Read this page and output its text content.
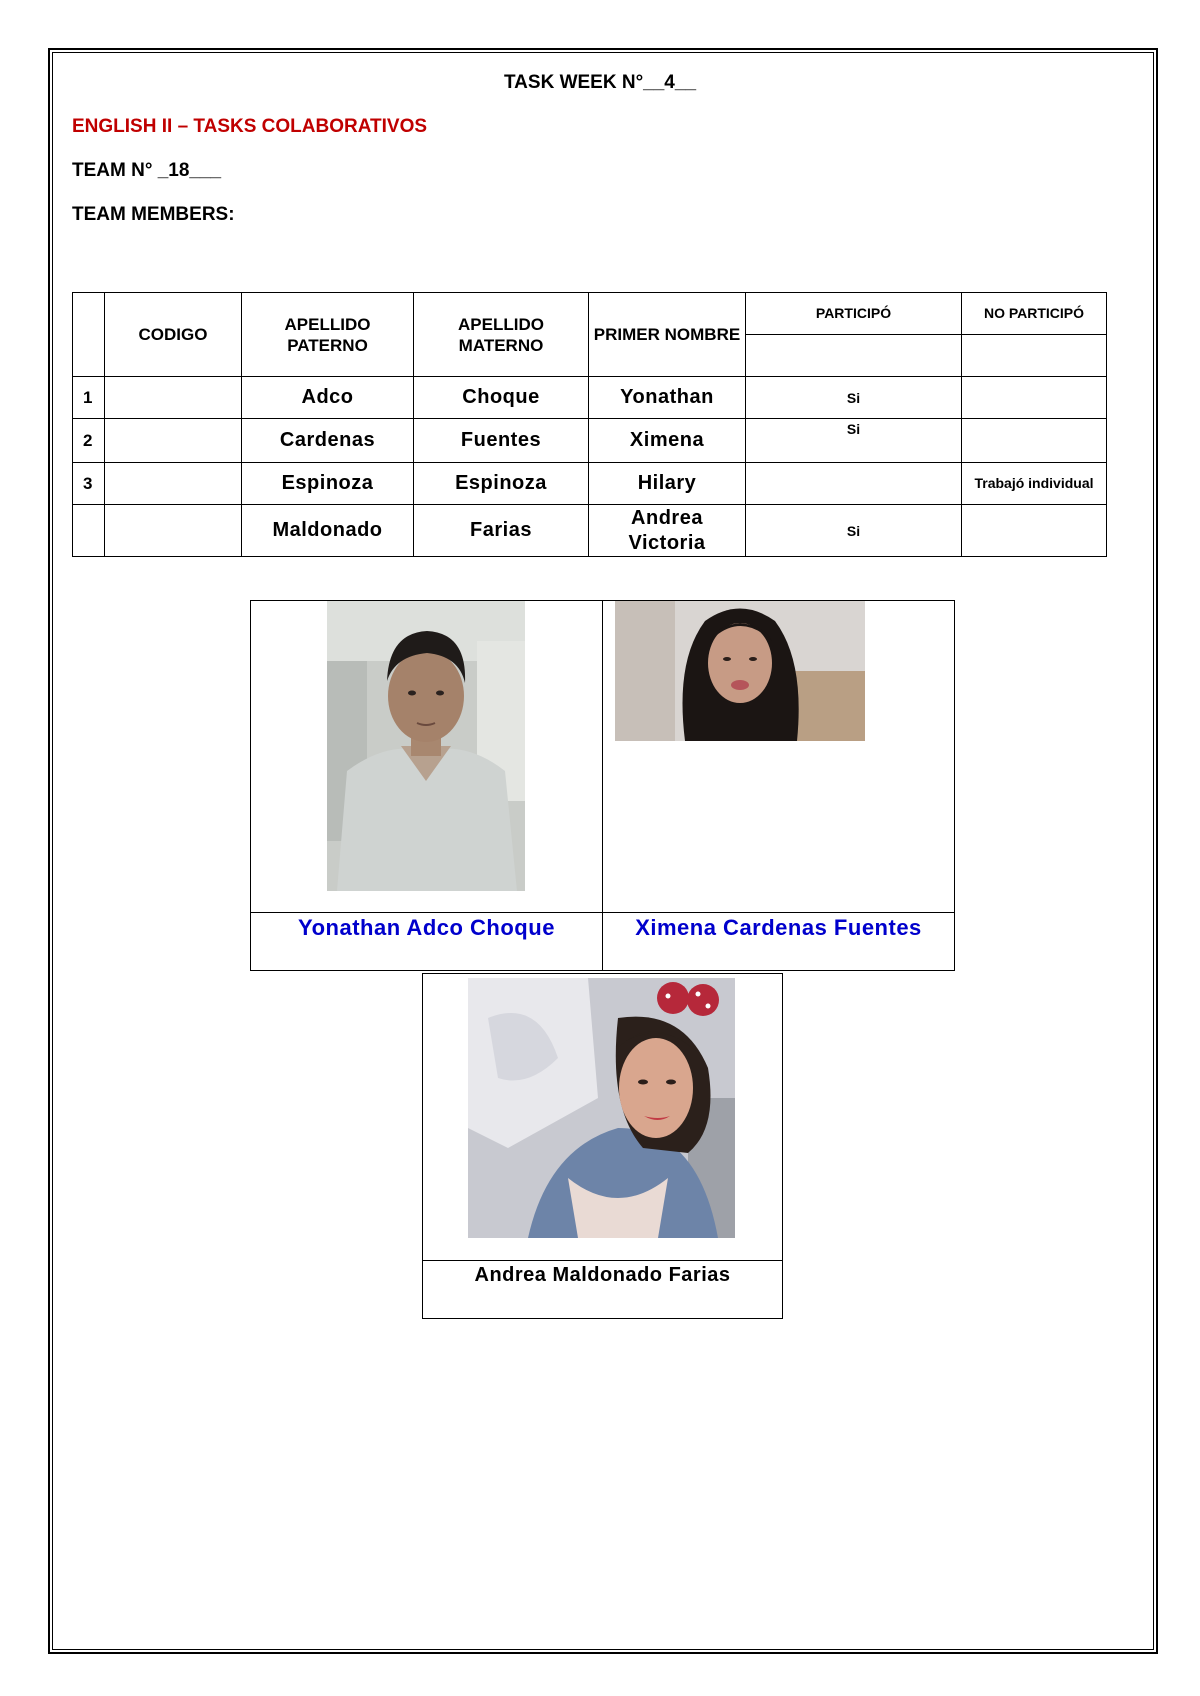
TASK WEEK N°__4__
ENGLISH II – TASKS COLABORATIVOS
TEAM N° _18___
TEAM MEMBERS:
	CODIGO	APELLIDO PATERNO	APELLIDO MATERNO	PRIMER NOMBRE	PARTICIPÓ	NO PARTICIPÓ

1		Adco	Choque	Yonathan	Si	
2		Cardenas	Fuentes	Ximena	Si	
3		Espinoza	Espinoza	Hilary		Trabajó individual
		Maldonado	Farias	Andrea Victoria	Si	
Yonathan Adco Choque	Ximena Cardenas Fuentes

Andrea Maldonado Farias
